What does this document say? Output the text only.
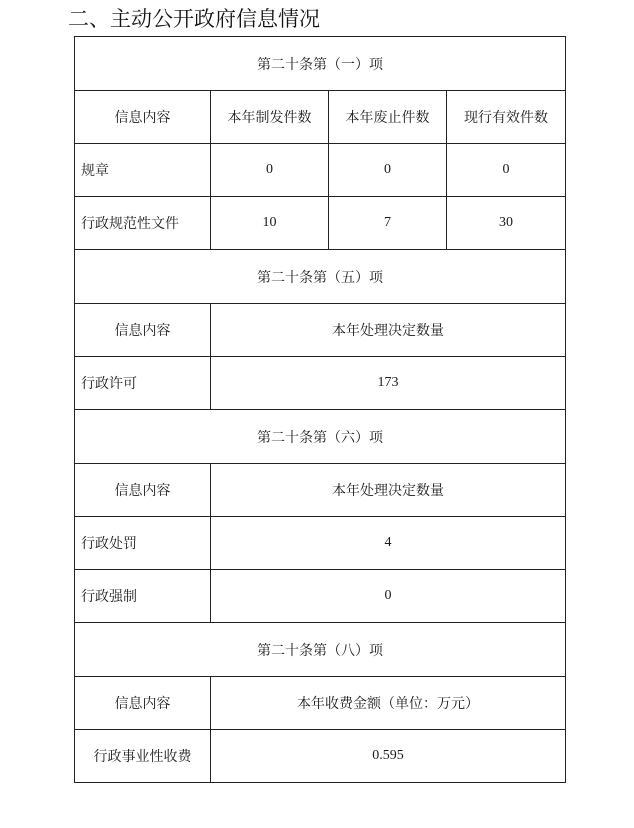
二、主动公开政府信息情况
第二十条第（一）项			
信息内容	本年制发件数	本年废止件数	现行有效件数
规章	0	0	0
行政规范性文件	10	7	30
第二十条第（五）项			
信息内容	本年处理决定数量		
行政许可	173		
第二十条第（六）项			
信息内容	本年处理决定数量		
行政处罚	4		
行政强制	0		
第二十条第（八）项			
信息内容	本年收费金额（单位：万元）		
行政事业性收费	0.595		
